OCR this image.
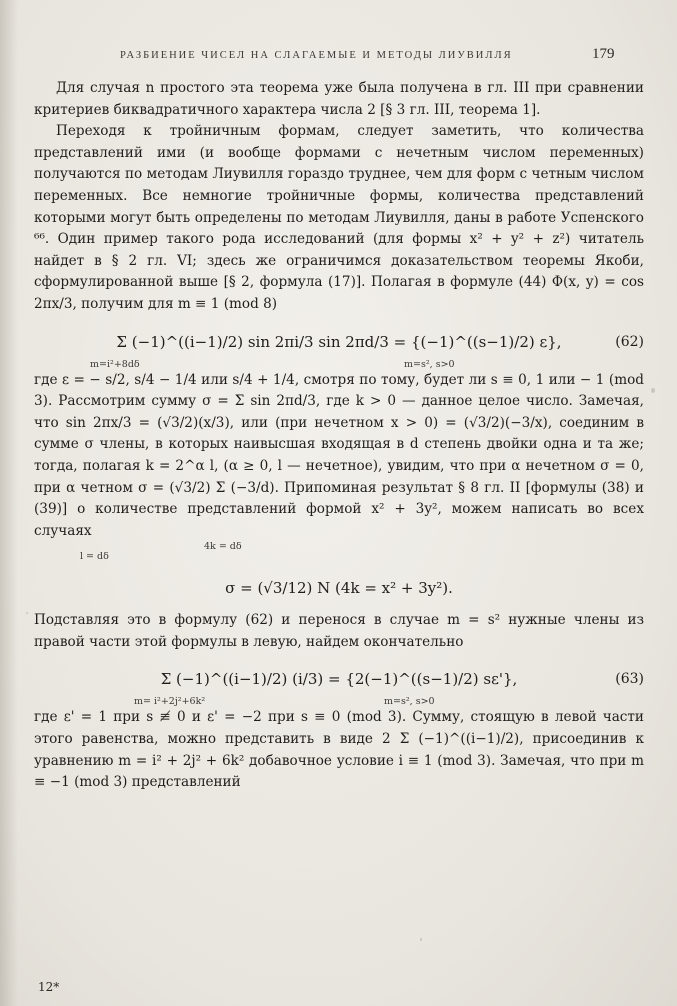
РАЗБИЕНИЕ ЧИСЕЛ НА СЛАГАЕМЫЕ И МЕТОДЫ ЛИУВИЛЛЯ	179

Для случая n простого эта теорема уже была получена в гл. III при сравнении критериев биквадратичного характера числа 2 [§ 3 гл. III, теорема 1].

Переходя к тройничным формам, следует заметить, что количества представлений ими (и вообще формами с нечетным числом переменных) получаются по методам Лиувилля гораздо труднее, чем для форм с четным числом переменных. Все немногие тройничные формы, количества представлений которыми могут быть определены по методам Лиувилля, даны в работе Успенского ⁶⁶. Один пример такого рода исследований (для формы x² + y² + z²) читатель найдет в § 2 гл. VI; здесь же ограничимся доказательством теоремы Якоби, сформулированной выше [§ 2, формула (17)]. Полагая в формуле (44) Φ(x, y) = cos 2πx/3, получим для m ≡ 1 (mod 8)

m=i²+8dδ
Σ (−1)^((i−1)/2) sin 2πi/3 sin 2πd/3 = {(−1)^((s−1)/2) ε},
m=s², s>0
(62)

где ε = − s/2, s/4 − 1/4 или s/4 + 1/4, смотря по тому, будет ли s ≡ 0, 1 или − 1 (mod 3). Рассмотрим сумму σ = Σ sin 2πd/3, где k > 0 — данное целое число. Замечая, что sin 2πx/3 = (√3/2)(x/3), или (при нечетном x > 0) = (√3/2)(−3/x), соединим в сумме σ члены, в которых наивысшая входящая в d степень двойки одна и та же; тогда, полагая k = 2^α l, (α ≥ 0, l — нечетное), увидим, что при α нечетном σ = 0, при α четном σ = (√3/2) Σ (−3/d). Припоминая результат § 8 гл. II [формулы (38) и (39)] о количестве представлений формой x² + 3y², можем написать во всех случаях

4k = dδ
l = dδ
σ = (√3/12) N (4k = x² + 3y²).

Подставляя это в формулу (62) и перенося в случае m = s² нужные члены из правой части этой формулы в левую, найдем окончательно

m= i²+2j²+6k²
Σ (−1)^((i−1)/2) (i/3) = {2(−1)^((s−1)/2) sε'},
m=s², s>0
(63)

где ε' = 1 при s ≢ 0 и ε' = −2 при s ≡ 0 (mod 3). Сумму, стоящую в левой части этого равенства, можно представить в виде 2 Σ (−1)^((i−1)/2), присоединив к уравнению m = i² + 2j² + 6k² добавочное условие i ≡ 1 (mod 3). Замечая, что при m ≡ −1 (mod 3) представлений

12*
